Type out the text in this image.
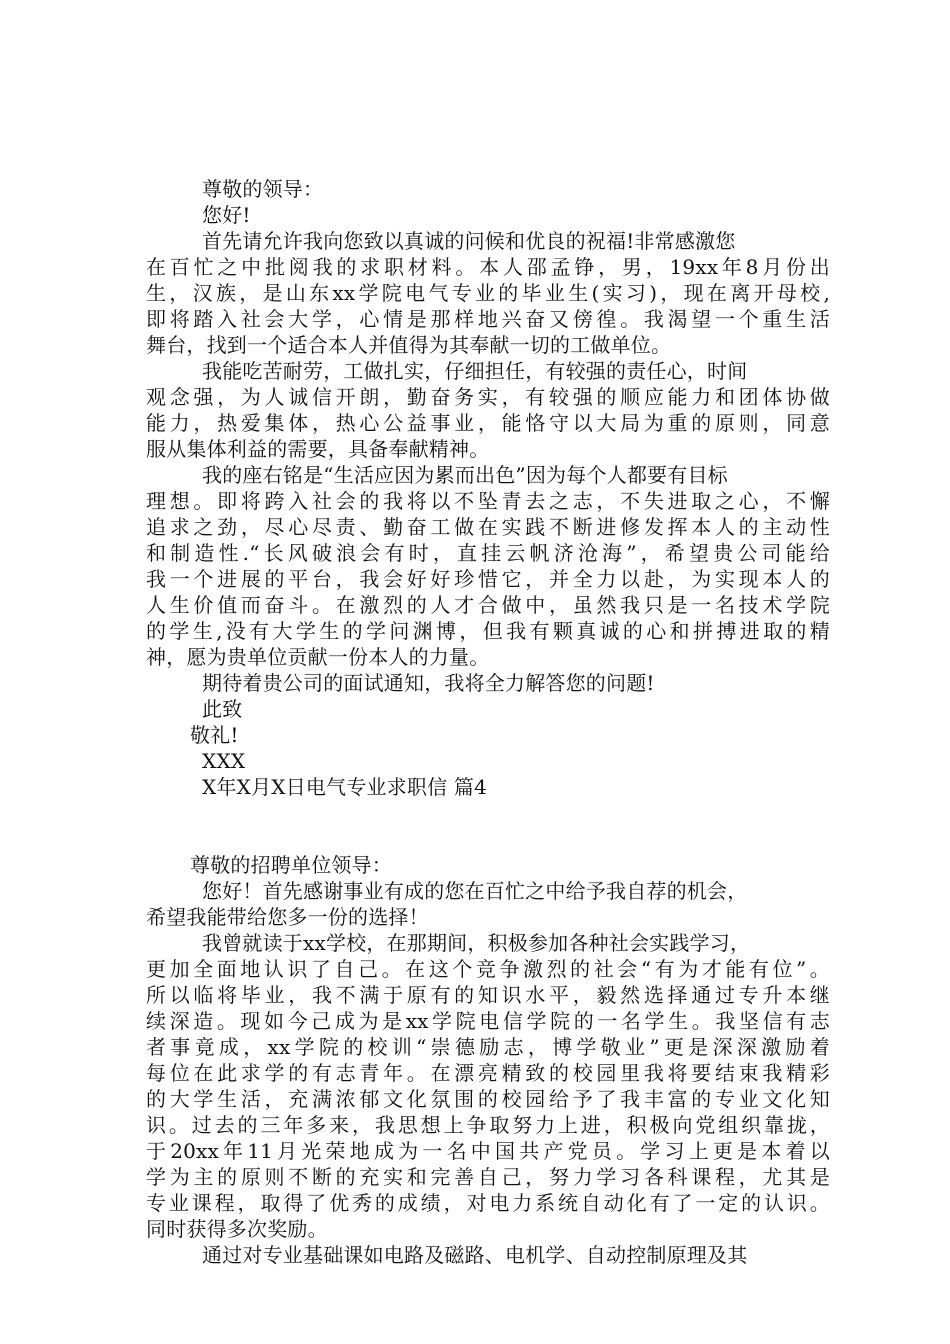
尊敬的领导：
您好!
首先请允许我向您致以真诚的问候和优良的祝福!非常感激您
在百忙之中批阅我的求职材料。本人邵孟铮，男，19xx年8月份出
生，汉族，是山东xx学院电气专业的毕业生(实习)，现在离开母校,
即将踏入社会大学，心情是那样地兴奋又傍徨。我渴望一个重生活
舞台，找到一个适合本人并值得为其奉献一切的工做单位。
我能吃苦耐劳，工做扎实，仔细担任，有较强的责任心，时间
观念强，为人诚信开朗，勤奋务实，有较强的顺应能力和团体协做
能力，热爱集体，热心公益事业，能恪守以大局为重的原则，同意
服从集体利益的需要，具备奉献精神。
我的座右铭是“生活应因为累而出色”因为每个人都要有目标
理想。即将跨入社会的我将以不坠青去之志，不失进取之心，不懈
追求之劲，尽心尽责、勤奋工做在实践不断进修发挥本人的主动性
和制造性.“长风破浪会有时，直挂云帆济沧海”，希望贵公司能给
我一个进展的平台，我会好好珍惜它，并全力以赴，为实现本人的
人生价值而奋斗。在激烈的人才合做中，虽然我只是一名技术学院
的学生,没有大学生的学问渊博，但我有颗真诚的心和拼搏进取的精
神，愿为贵单位贡献一份本人的力量。
期待着贵公司的面试通知，我将全力解答您的问题!
此致
敬礼!
XXX
X年X月X日电气专业求职信 篇4
尊敬的招聘单位领导：
您好！首先感谢事业有成的您在百忙之中给予我自荐的机会，
希望我能带给您多一份的选择！
我曾就读于xx学校，在那期间，积极参加各种社会实践学习，
更加全面地认识了自己。在这个竞争激烈的社会“有为才能有位”。
所以临将毕业，我不满于原有的知识水平，毅然选择通过专升本继
续深造。现如今己成为是xx学院电信学院的一名学生。我坚信有志
者事竟成，xx学院的校训“崇德励志，博学敬业”更是深深激励着
每位在此求学的有志青年。在漂亮精致的校园里我将要结束我精彩
的大学生活，充满浓郁文化氛围的校园给予了我丰富的专业文化知
识。过去的三年多来，我思想上争取努力上进，积极向党组织靠拢，
于20xx年11月光荣地成为一名中国共产党员。学习上更是本着以
学为主的原则不断的充实和完善自己，努力学习各科课程，尤其是
专业课程，取得了优秀的成绩，对电力系统自动化有了一定的认识。
同时获得多次奖励。
通过对专业基础课如电路及磁路、电机学、自动控制原理及其
